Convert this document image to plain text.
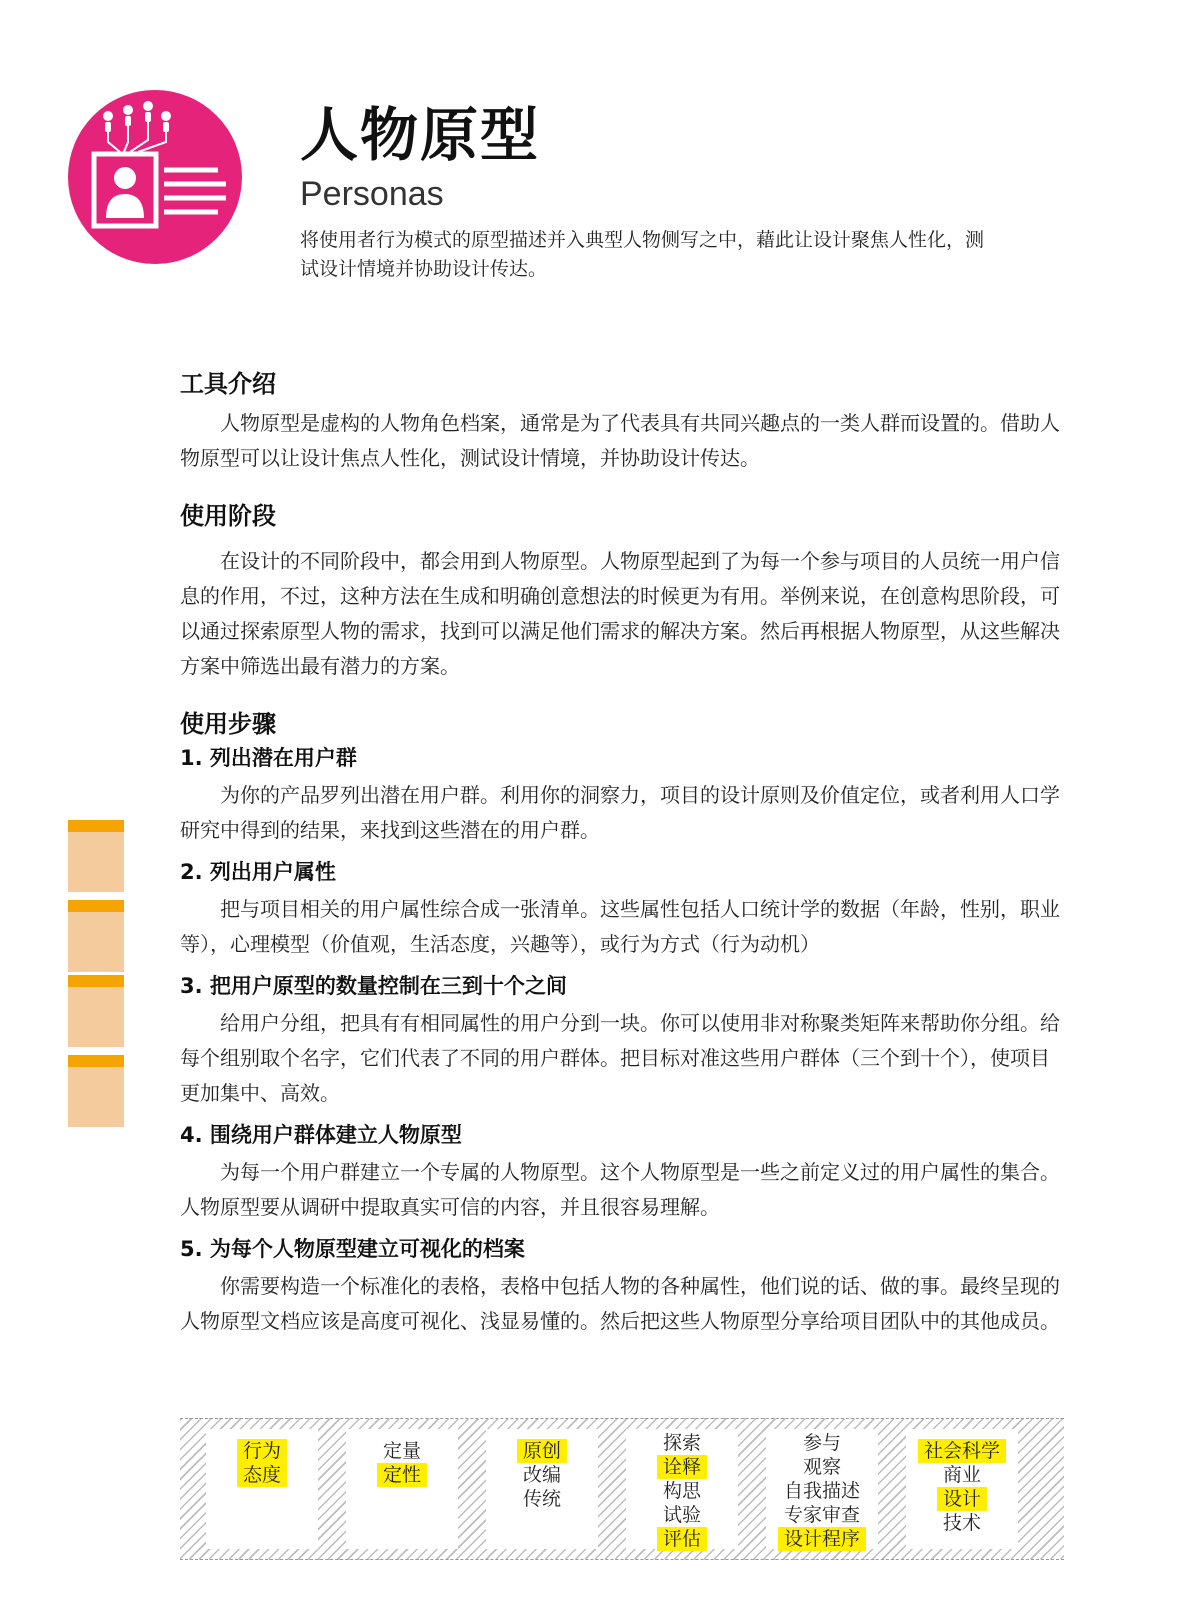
人物原型

Personas

将使用者行为模式的原型描述并入典型人物侧写之中，藉此让设计聚焦人性化，测试设计情境并协助设计传达。

工具介绍

人物原型是虚构的人物角色档案，通常是为了代表具有共同兴趣点的一类人群而设置的。借助人物原型可以让设计焦点人性化，测试设计情境，并协助设计传达。

使用阶段

在设计的不同阶段中，都会用到人物原型。人物原型起到了为每一个参与项目的人员统一用户信息的作用，不过，这种方法在生成和明确创意想法的时候更为有用。举例来说，在创意构思阶段，可以通过探索原型人物的需求，找到可以满足他们需求的解决方案。然后再根据人物原型，从这些解决方案中筛选出最有潜力的方案。

使用步骤
1. 列出潜在用户群

为你的产品罗列出潜在用户群。利用你的洞察力，项目的设计原则及价值定位，或者利用人口学研究中得到的结果，来找到这些潜在的用户群。

2. 列出用户属性

把与项目相关的用户属性综合成一张清单。这些属性包括人口统计学的数据（年龄，性别，职业等），心理模型（价值观，生活态度，兴趣等），或行为方式（行为动机）

3. 把用户原型的数量控制在三到十个之间

给用户分组，把具有有相同属性的用户分到一块。你可以使用非对称聚类矩阵来帮助你分组。给每个组别取个名字，它们代表了不同的用户群体。把目标对准这些用户群体（三个到十个），使项目更加集中、高效。

4. 围绕用户群体建立人物原型

为每一个用户群建立一个专属的人物原型。这个人物原型是一些之前定义过的用户属性的集合。人物原型要从调研中提取真实可信的内容，并且很容易理解。

5. 为每个人物原型建立可视化的档案

你需要构造一个标准化的表格，表格中包括人物的各种属性，他们说的话、做的事。最终呈现的人物原型文档应该是高度可视化、浅显易懂的。然后把这些人物原型分享给项目团队中的其他成员。

行为
态度
定量
定性
原创
改编
传统
探索
诠释
构思
试验
评估
参与
观察
自我描述
专家审查
设计程序
社会科学
商业
设计
技术
